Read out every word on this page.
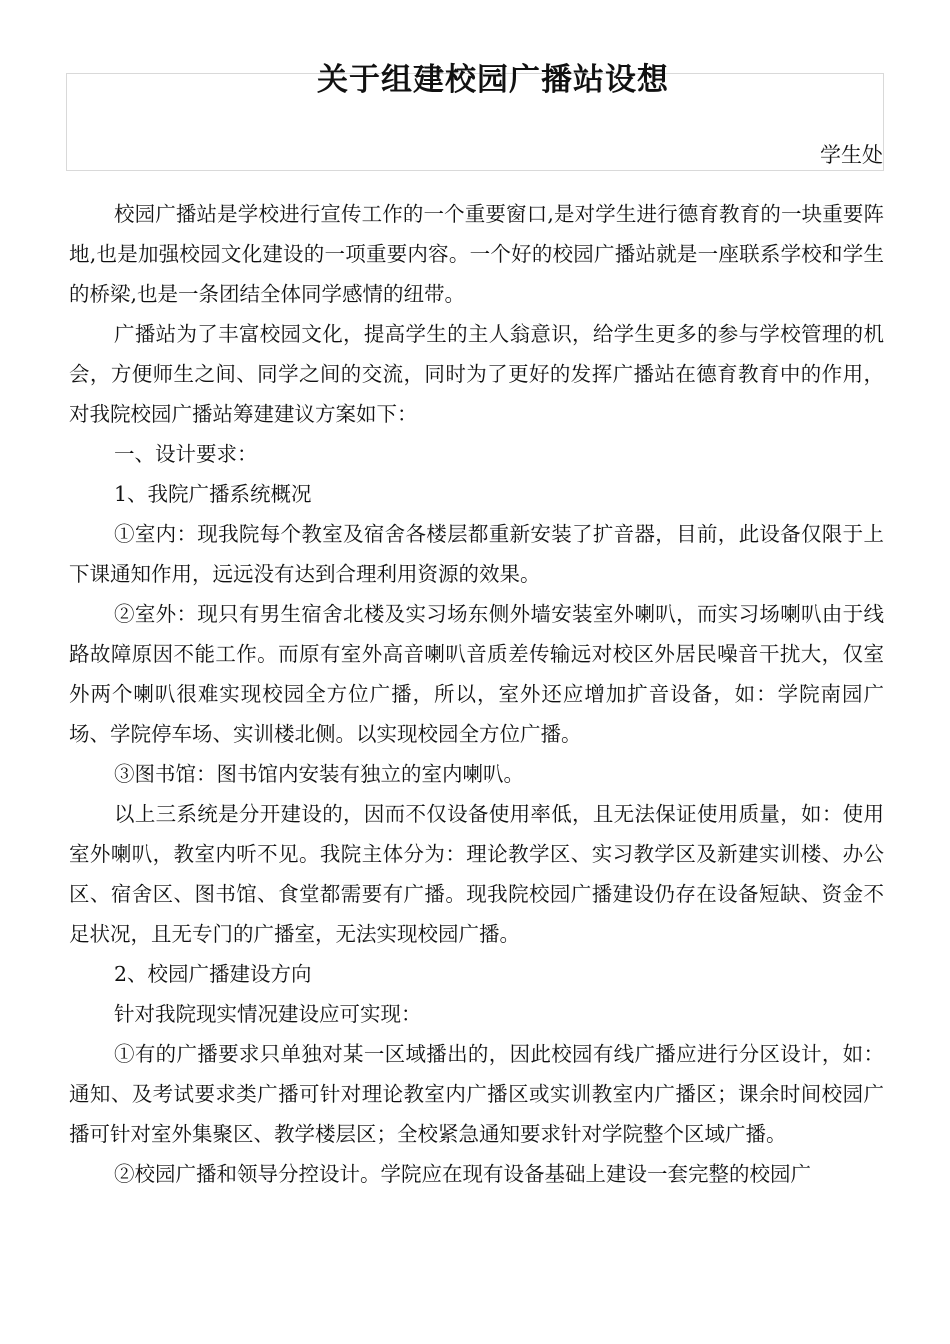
关于组建校园广播站设想
学生处

校园广播站是学校进行宣传工作的一个重要窗口,是对学生进行德育教育的一块重要阵地,也是加强校园文化建设的一项重要内容。一个好的校园广播站就是一座联系学校和学生的桥梁,也是一条团结全体同学感情的纽带。

广播站为了丰富校园文化，提高学生的主人翁意识，给学生更多的参与学校管理的机会，方便师生之间、同学之间的交流，同时为了更好的发挥广播站在德育教育中的作用，对我院校园广播站筹建建议方案如下：

一、设计要求：

1、我院广播系统概况

①室内：现我院每个教室及宿舍各楼层都重新安装了扩音器，目前，此设备仅限于上下课通知作用，远远没有达到合理利用资源的效果。

②室外：现只有男生宿舍北楼及实习场东侧外墙安装室外喇叭，而实习场喇叭由于线路故障原因不能工作。而原有室外高音喇叭音质差传输远对校区外居民噪音干扰大，仅室外两个喇叭很难实现校园全方位广播，所以，室外还应增加扩音设备，如：学院南园广场、学院停车场、实训楼北侧。以实现校园全方位广播。

③图书馆：图书馆内安装有独立的室内喇叭。

以上三系统是分开建设的，因而不仅设备使用率低，且无法保证使用质量，如：使用室外喇叭，教室内听不见。我院主体分为：理论教学区、实习教学区及新建实训楼、办公区、宿舍区、图书馆、食堂都需要有广播。现我院校园广播建设仍存在设备短缺、资金不足状况，且无专门的广播室，无法实现校园广播。

2、校园广播建设方向

针对我院现实情况建设应可实现：

①有的广播要求只单独对某一区域播出的，因此校园有线广播应进行分区设计，如：通知、及考试要求类广播可针对理论教室内广播区或实训教室内广播区；课余时间校园广播可针对室外集聚区、教学楼层区；全校紧急通知要求针对学院整个区域广播。

②校园广播和领导分控设计。学院应在现有设备基础上建设一套完整的校园广
